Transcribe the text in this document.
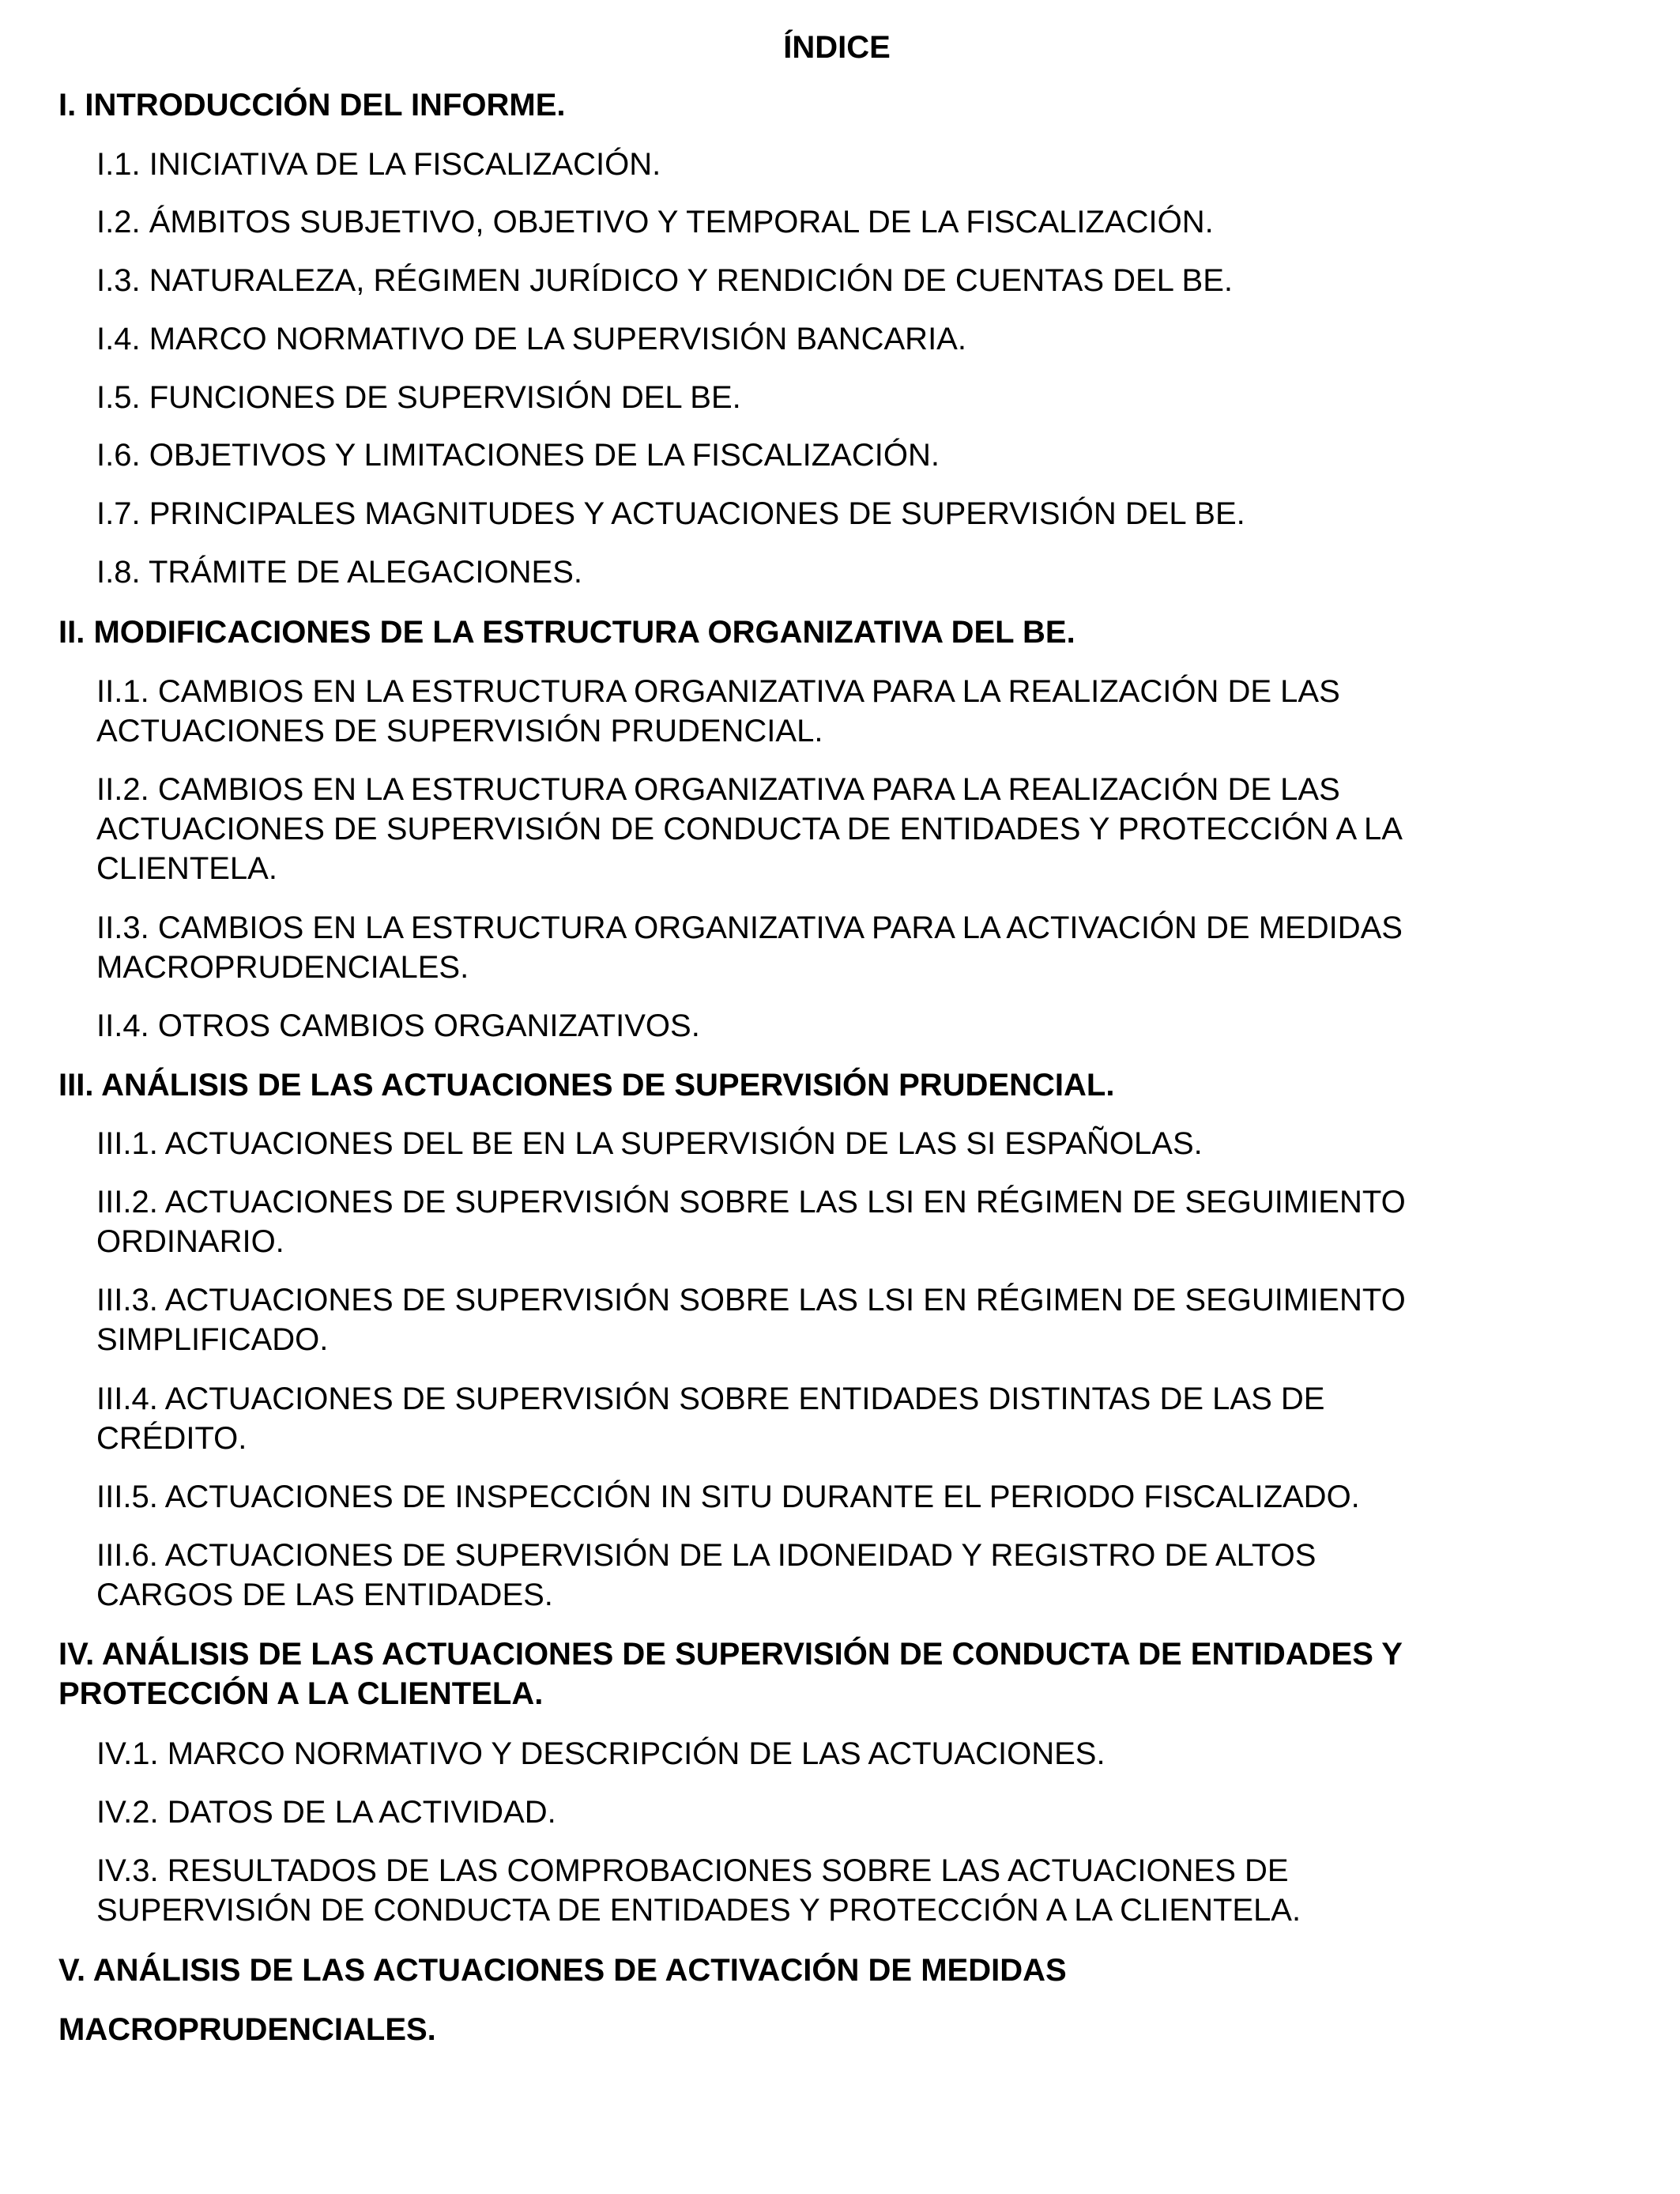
ÍNDICE
I. INTRODUCCIÓN DEL INFORME.
I.1. INICIATIVA DE LA FISCALIZACIÓN.
I.2. ÁMBITOS SUBJETIVO, OBJETIVO Y TEMPORAL DE LA FISCALIZACIÓN.
I.3. NATURALEZA, RÉGIMEN JURÍDICO Y RENDICIÓN DE CUENTAS DEL BE.
I.4. MARCO NORMATIVO DE LA SUPERVISIÓN BANCARIA.
I.5. FUNCIONES DE SUPERVISIÓN DEL BE.
I.6. OBJETIVOS Y LIMITACIONES DE LA FISCALIZACIÓN.
I.7. PRINCIPALES MAGNITUDES Y ACTUACIONES DE SUPERVISIÓN DEL BE.
I.8. TRÁMITE DE ALEGACIONES.
II. MODIFICACIONES DE LA ESTRUCTURA ORGANIZATIVA DEL BE.
II.1. CAMBIOS EN LA ESTRUCTURA ORGANIZATIVA PARA LA REALIZACIÓN DE LAS
ACTUACIONES DE SUPERVISIÓN PRUDENCIAL.
II.2. CAMBIOS EN LA ESTRUCTURA ORGANIZATIVA PARA LA REALIZACIÓN DE LAS
ACTUACIONES DE SUPERVISIÓN DE CONDUCTA DE ENTIDADES Y PROTECCIÓN A LA
CLIENTELA.
II.3. CAMBIOS EN LA ESTRUCTURA ORGANIZATIVA PARA LA ACTIVACIÓN DE MEDIDAS
MACROPRUDENCIALES.
II.4. OTROS CAMBIOS ORGANIZATIVOS.
III. ANÁLISIS DE LAS ACTUACIONES DE SUPERVISIÓN PRUDENCIAL.
III.1. ACTUACIONES DEL BE EN LA SUPERVISIÓN DE LAS SI ESPAÑOLAS.
III.2. ACTUACIONES DE SUPERVISIÓN SOBRE LAS LSI EN RÉGIMEN DE SEGUIMIENTO
ORDINARIO.
III.3. ACTUACIONES DE SUPERVISIÓN SOBRE LAS LSI EN RÉGIMEN DE SEGUIMIENTO
SIMPLIFICADO.
III.4. ACTUACIONES DE SUPERVISIÓN SOBRE ENTIDADES DISTINTAS DE LAS DE
CRÉDITO.
III.5. ACTUACIONES DE INSPECCIÓN IN SITU DURANTE EL PERIODO FISCALIZADO.
III.6. ACTUACIONES DE SUPERVISIÓN DE LA IDONEIDAD Y REGISTRO DE ALTOS
CARGOS DE LAS ENTIDADES.
IV. ANÁLISIS DE LAS ACTUACIONES DE SUPERVISIÓN DE CONDUCTA DE ENTIDADES Y
PROTECCIÓN A LA CLIENTELA.
IV.1. MARCO NORMATIVO Y DESCRIPCIÓN DE LAS ACTUACIONES.
IV.2. DATOS DE LA ACTIVIDAD.
IV.3. RESULTADOS DE LAS COMPROBACIONES SOBRE LAS ACTUACIONES DE
SUPERVISIÓN DE CONDUCTA DE ENTIDADES Y PROTECCIÓN A LA CLIENTELA.
V. ANÁLISIS DE LAS ACTUACIONES DE ACTIVACIÓN DE MEDIDAS
MACROPRUDENCIALES.
